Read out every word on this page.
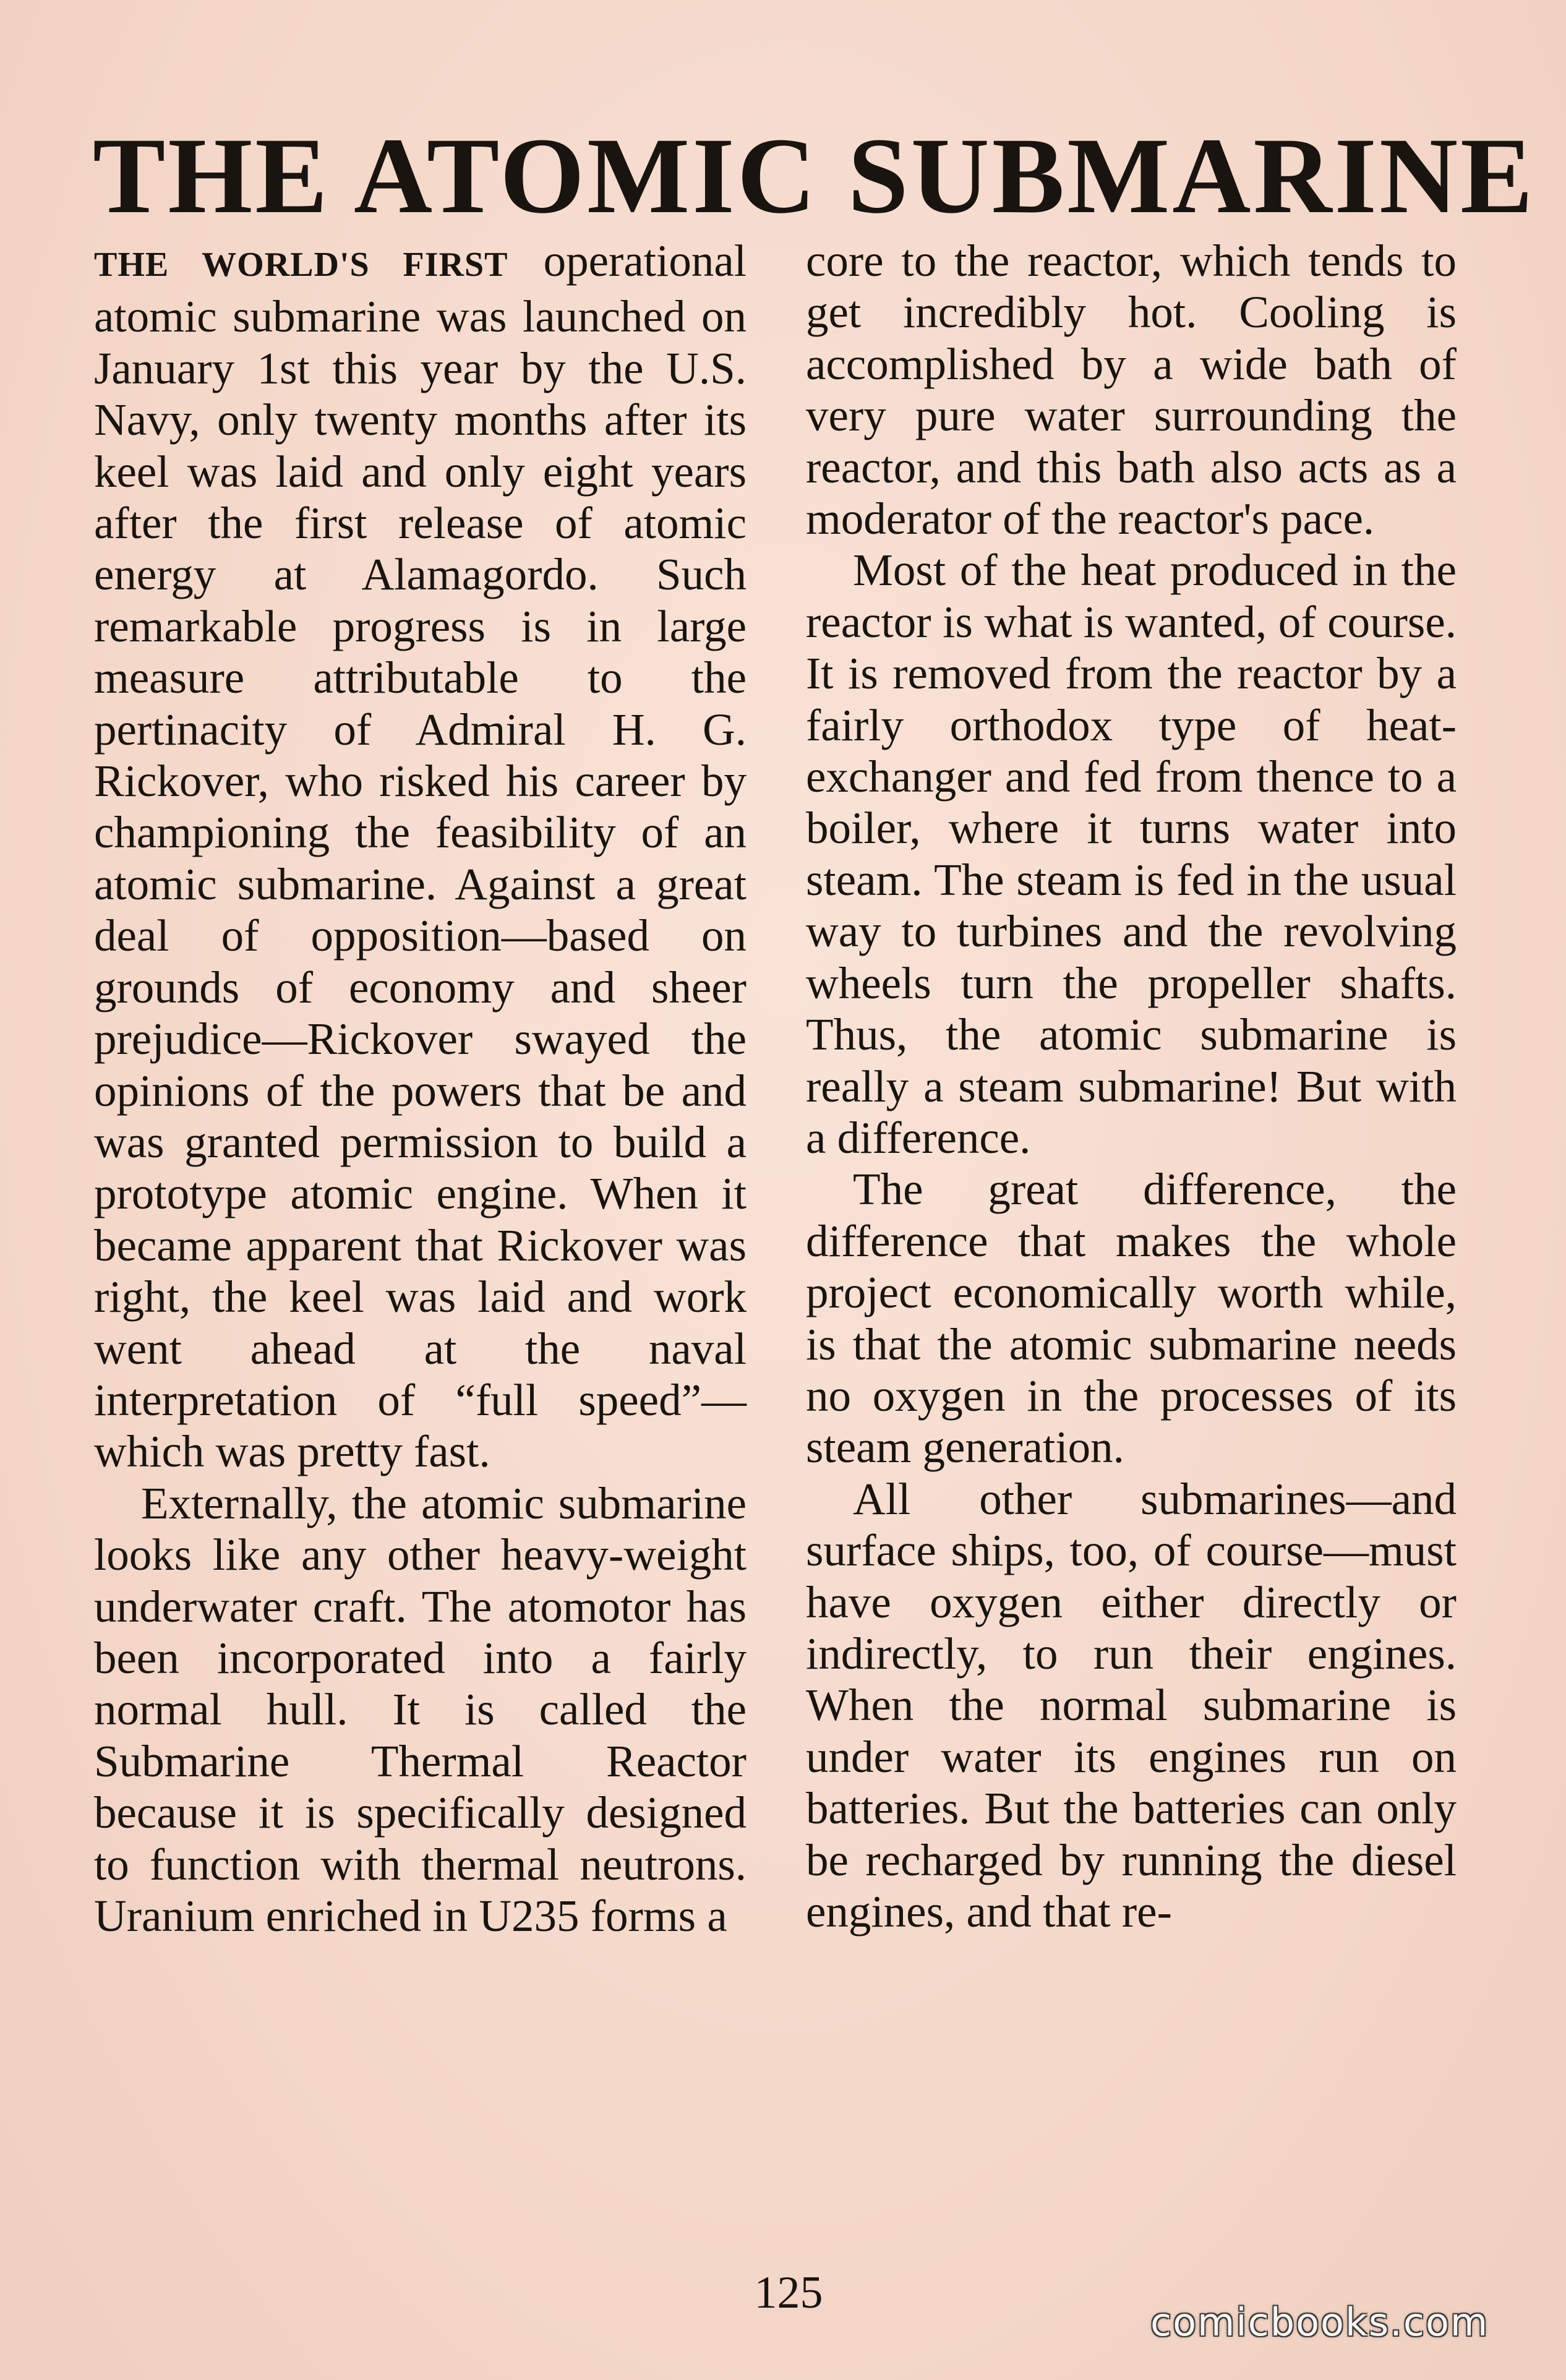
THE ATOMIC SUBMARINE

THE WORLD'S FIRST operational atomic submarine was launched on January 1st this year by the U.S. Navy, only twenty months after its keel was laid and only eight years after the first release of atomic energy at Alamagordo. Such remarkable progress is in large measure attributable to the pertinacity of Admiral H. G. Rickover, who risked his career by championing the feasibility of an atomic submarine. Against a great deal of opposition—based on grounds of economy and sheer prejudice—Rickover swayed the opinions of the powers that be and was granted permission to build a prototype atomic engine. When it became apparent that Rickover was right, the keel was laid and work went ahead at the naval interpretation of “full speed”—which was pretty fast.

Externally, the atomic submarine looks like any other heavy-weight underwater craft. The atomotor has been incorporated into a fairly normal hull. It is called the Submarine Thermal Reactor because it is specifically designed to function with thermal neutrons. Uranium enriched in U235 forms a

core to the reactor, which tends to get incredibly hot. Cooling is accomplished by a wide bath of very pure water surrounding the reactor, and this bath also acts as a moderator of the reactor's pace.

Most of the heat produced in the reactor is what is wanted, of course. It is removed from the reactor by a fairly orthodox type of heat-exchanger and fed from thence to a boiler, where it turns water into steam. The steam is fed in the usual way to turbines and the revolving wheels turn the propeller shafts. Thus, the atomic submarine is really a steam submarine! But with a difference.

The great difference, the difference that makes the whole project economically worth while, is that the atomic submarine needs no oxygen in the processes of its steam generation.

All other submarines—and surface ships, too, of course—must have oxygen either directly or indirectly, to run their engines. When the normal submarine is under water its engines run on batteries. But the batteries can only be recharged by running the diesel engines, and that re-

125
comicbooks.com
